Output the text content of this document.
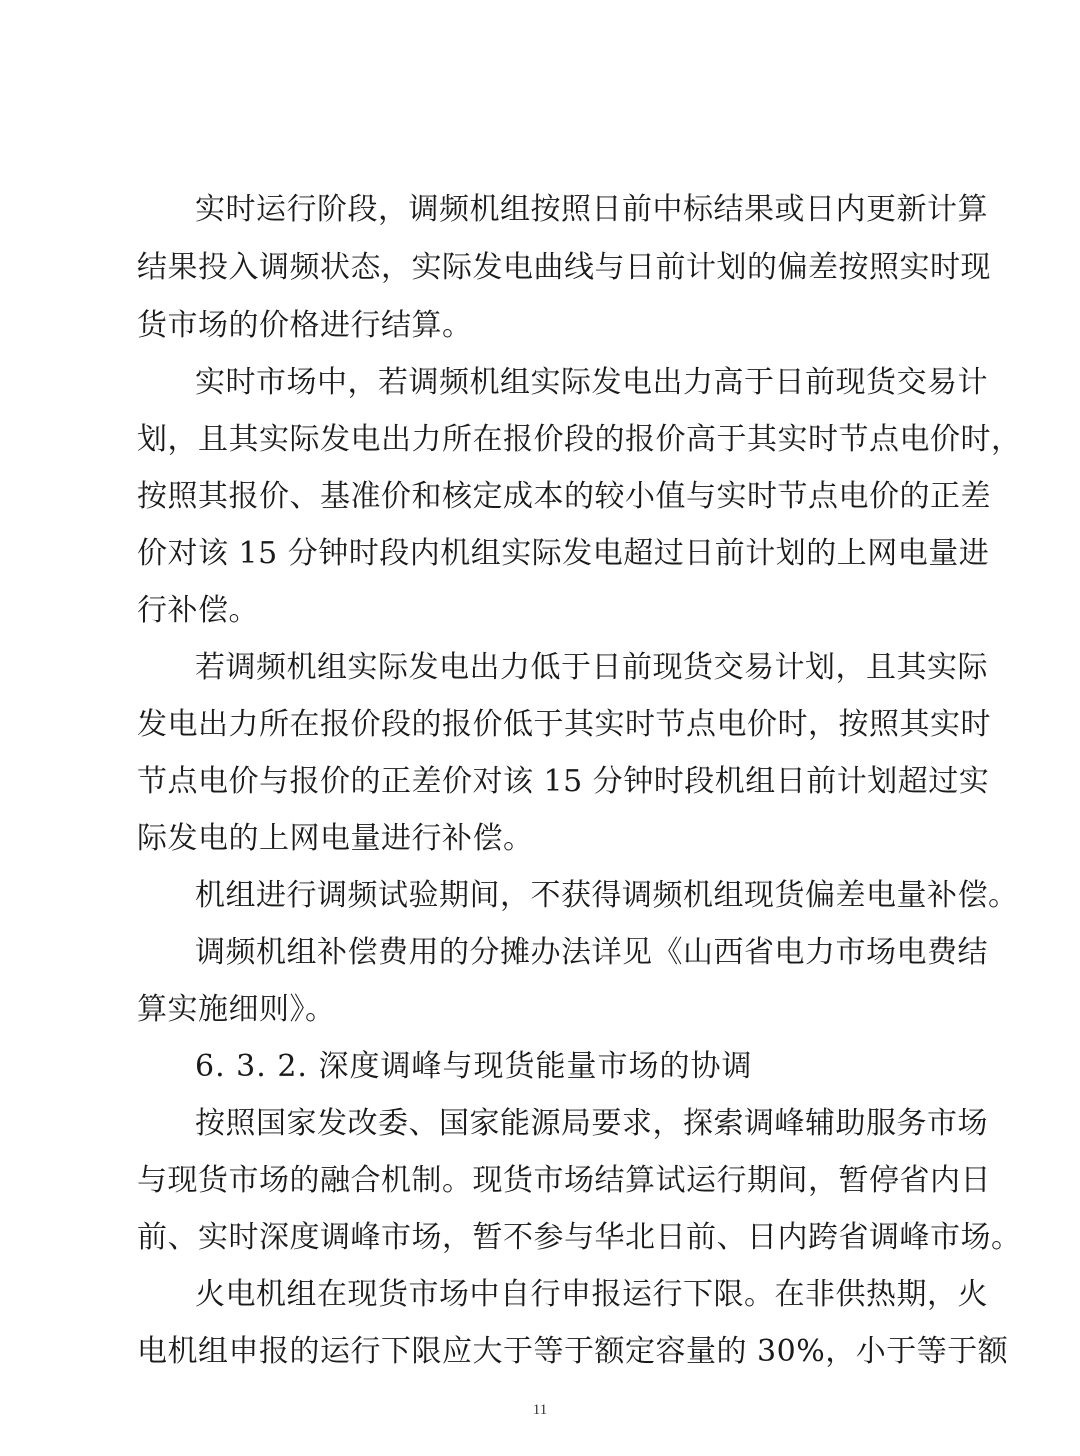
实时运行阶段，调频机组按照日前中标结果或日内更新计算
结果投入调频状态，实际发电曲线与日前计划的偏差按照实时现
货市场的价格进行结算。
实时市场中，若调频机组实际发电出力高于日前现货交易计
划，且其实际发电出力所在报价段的报价高于其实时节点电价时，
按照其报价、基准价和核定成本的较小值与实时节点电价的正差
价对该 15 分钟时段内机组实际发电超过日前计划的上网电量进
行补偿。
若调频机组实际发电出力低于日前现货交易计划，且其实际
发电出力所在报价段的报价低于其实时节点电价时，按照其实时
节点电价与报价的正差价对该 15 分钟时段机组日前计划超过实
际发电的上网电量进行补偿。
机组进行调频试验期间，不获得调频机组现货偏差电量补偿。
调频机组补偿费用的分摊办法详见《山西省电力市场电费结
算实施细则》。
6. 3. 2. 深度调峰与现货能量市场的协调
按照国家发改委、国家能源局要求，探索调峰辅助服务市场
与现货市场的融合机制。现货市场结算试运行期间，暂停省内日
前、实时深度调峰市场，暂不参与华北日前、日内跨省调峰市场。
火电机组在现货市场中自行申报运行下限。在非供热期，火
电机组申报的运行下限应大于等于额定容量的 30%，小于等于额
11
